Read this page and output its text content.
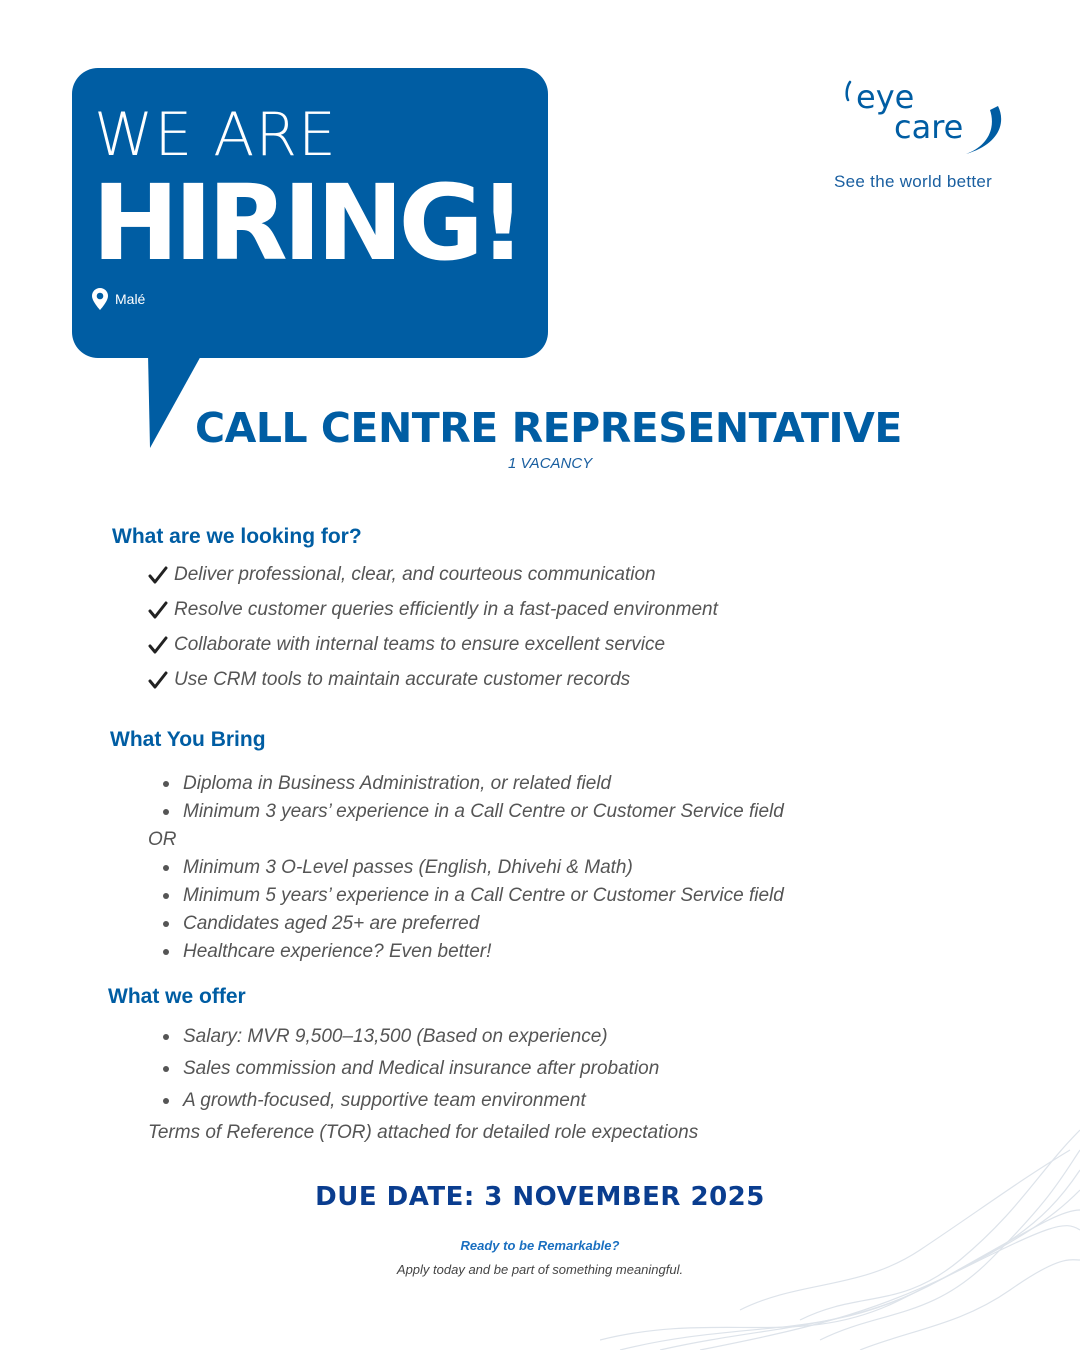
WE ARE
HIRING!
Malé
eye
care
See the world better
CALL CENTRE REPRESENTATIVE
1 VACANCY
What are we looking for?
Deliver professional, clear, and courteous communication
Resolve customer queries efficiently in a fast-paced environment
Collaborate with internal teams to ensure excellent service
Use CRM tools to maintain accurate customer records
What You Bring
Diploma in Business Administration, or related field
Minimum 3 years’ experience in a Call Centre or Customer Service field
OR
Minimum 3 O-Level passes (English, Dhivehi & Math)
Minimum 5 years’ experience in a Call Centre or Customer Service field
Candidates aged 25+ are preferred
Healthcare experience? Even better!
What we offer
Salary: MVR 9,500–13,500 (Based on experience)
Sales commission and Medical insurance after probation
A growth-focused, supportive team environment
Terms of Reference (TOR) attached for detailed role expectations
DUE DATE: 3 NOVEMBER 2025
Ready to be Remarkable?
Apply today and be part of something meaningful.
